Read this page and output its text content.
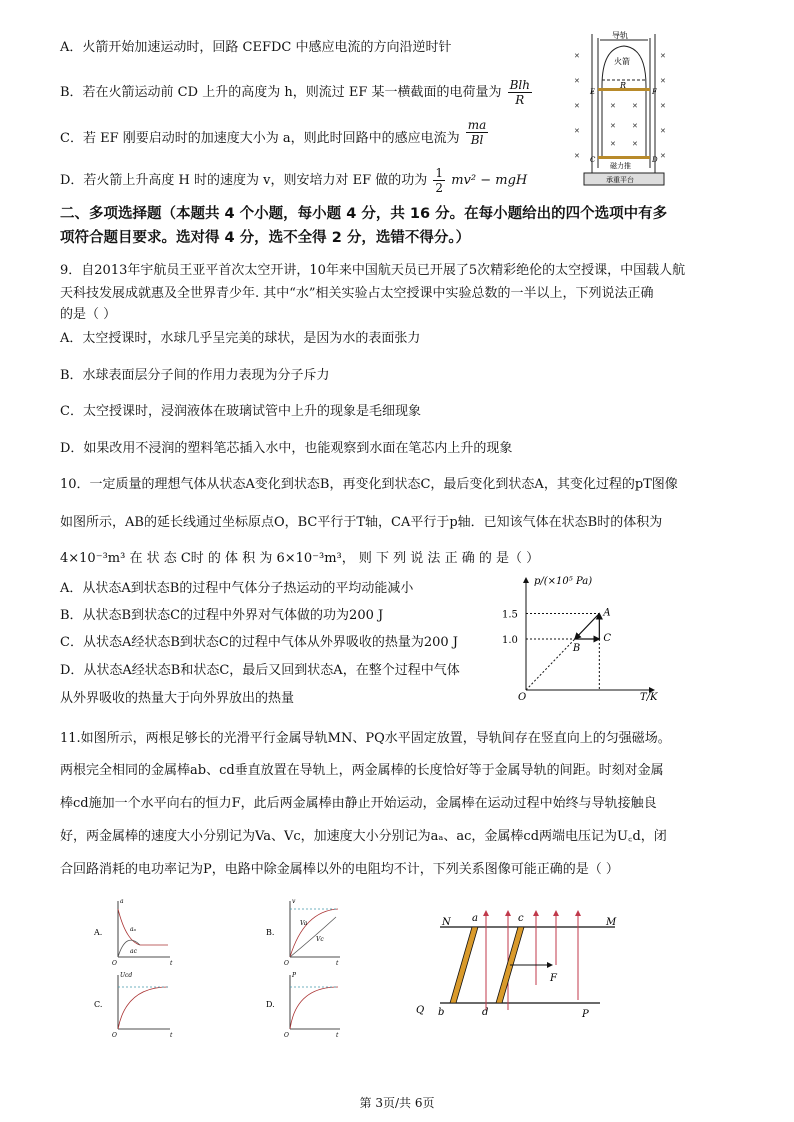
A．火箭开始加速运动时，回路 CEFDC 中感应电流的方向沿逆时针
B．若在火箭运动前 CD 上升的高度为 h，则流过 EF 某一横截面的电荷量为 $\frac{\text{Blh}}{R}$
C．若 EF 刚要启动时的加速度大小为 a，则此时回路中的感应电流为 $\frac{ma}{Bl}$
D．若火箭上升高度 H 时的速度为 v，则安培力对 EF 做的功为 $\frac{1}{2} mv^2$ − mgH
✕
✕
✕
✕
✕
✕
✕
✕
✕
✕
✕ ✕
✕ ✕
✕ ✕
导轨
火箭
R
E	F
C	D
磁力推
承重平台
二、多项选择题（本题共 4 个小题，每小题 4 分，共 16 分。在每小题给出的四个选项中有多
项符合题目要求。选对得 4 分，选不全得 2 分，选错不得分。）
9．自2013年宇航员王亚平首次太空开讲，10年来中国航天员已开展了5次精彩绝伦的太空授课，中国载人航
天科技发展成就惠及全世界青少年. 其中“水”相关实验占太空授课中实验总数的一半以上，下列说法正确
的是（ ）
A．太空授课时，水球几乎呈完美的球状，是因为水的表面张力
B．水球表面层分子间的作用力表现为分子斥力
C．太空授课时，浸润液体在玻璃试管中上升的现象是毛细现象
D．如果改用不浸润的塑料笔芯插入水中，也能观察到水面在笔芯内上升的现象
10．一定质量的理想气体从状态A变化到状态B，再变化到状态C，最后变化到状态A，其变化过程的pT图像
如图所示，AB的延长线通过坐标原点O，BC平行于T轴，CA平行于p轴．已知该气体在状态B时的体积为
4×10⁻³m³ 在 状 态 C时 的 体 积 为 6×10⁻³m³， 则 下 列 说 法 正 确 的 是（ ）
A．从状态A到状态B的过程中气体分子热运动的平均动能减小
B．从状态B到状态C的过程中外界对气体做的功为200 J
C．从状态A经状态B到状态C的过程中气体从外界吸收的热量为200 J
D．从状态A经状态B和状态C，最后又回到状态A，在整个过程中气体
从外界吸收的热量大于向外界放出的热量
p/(×10⁵ Pa)
T/K
O
1.5
1.0
A
B
C
11.如图所示，两根足够长的光滑平行金属导轨MN、PQ水平固定放置，导轨间存在竖直向上的匀强磁场。
两根完全相同的金属棒ab、cd垂直放置在导轨上，两金属棒的长度恰好等于金属导轨的间距。时刻对金属
棒cd施加一个水平向右的恒力F，此后两金属棒由静止开始运动，金属棒在运动过程中始终与导轨接触良
好，两金属棒的速度大小分别记为Va、Vc，加速度大小分别记为aₐ、ac，金属棒cd两端电压记为U꜀d，闭
合回路消耗的电功率记为P，电路中除金属棒以外的电阻均不计，下列关系图像可能正确的是（ ）
A.	B.
C.	D.
a
aₐ
ac
O	t
v
Va
Vc
O	t
Ucd
O	t
P
O	t
N a	c	M
Q b	d	P
F
第 3页/共 6页
